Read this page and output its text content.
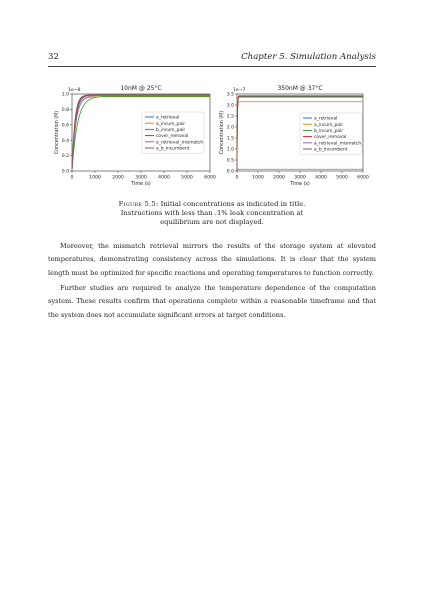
32	Chapter 5. Simulation Analysis
10nM @ 25°C
1e−8
0	1000 2000 3000 4000 5000 6000
0.0
0.2
0.4
0.6
0.8
1.0
Time (s)
Concentration (M)	a_retrieval
a_incum_pair
b_incum_pair
cover_removal
a_retrieval_mismatch
a_b_incumbent
350nM @ 37°C
1e−7
0	1000 2000 3000 4000 5000 6000
0.0
0.5
1.0
1.5
2.0
2.5
3.0
3.5
Time (s)
Concentration (M)	a_retrieval
a_incum_pair
b_incum_pair
cover_removal
a_retrieval_mismatch
a_b_incumbent
Figure 5.5: Initial concentrations as indicated in title. Instructions with less than .1% leak concentration at equilibrium are not displayed.

Moreover, the mismatch retrieval mirrors the results of the storage system at elevated temperatures, demonstrating consistency across the simulations. It is clear that the system length must be optimized for specific reactions and operating temperatures to function correctly.

Further studies are required to analyze the temperature dependence of the computation system. These results confirm that operations complete within a reasonable timeframe and that the system does not accumulate significant errors at target conditions.
